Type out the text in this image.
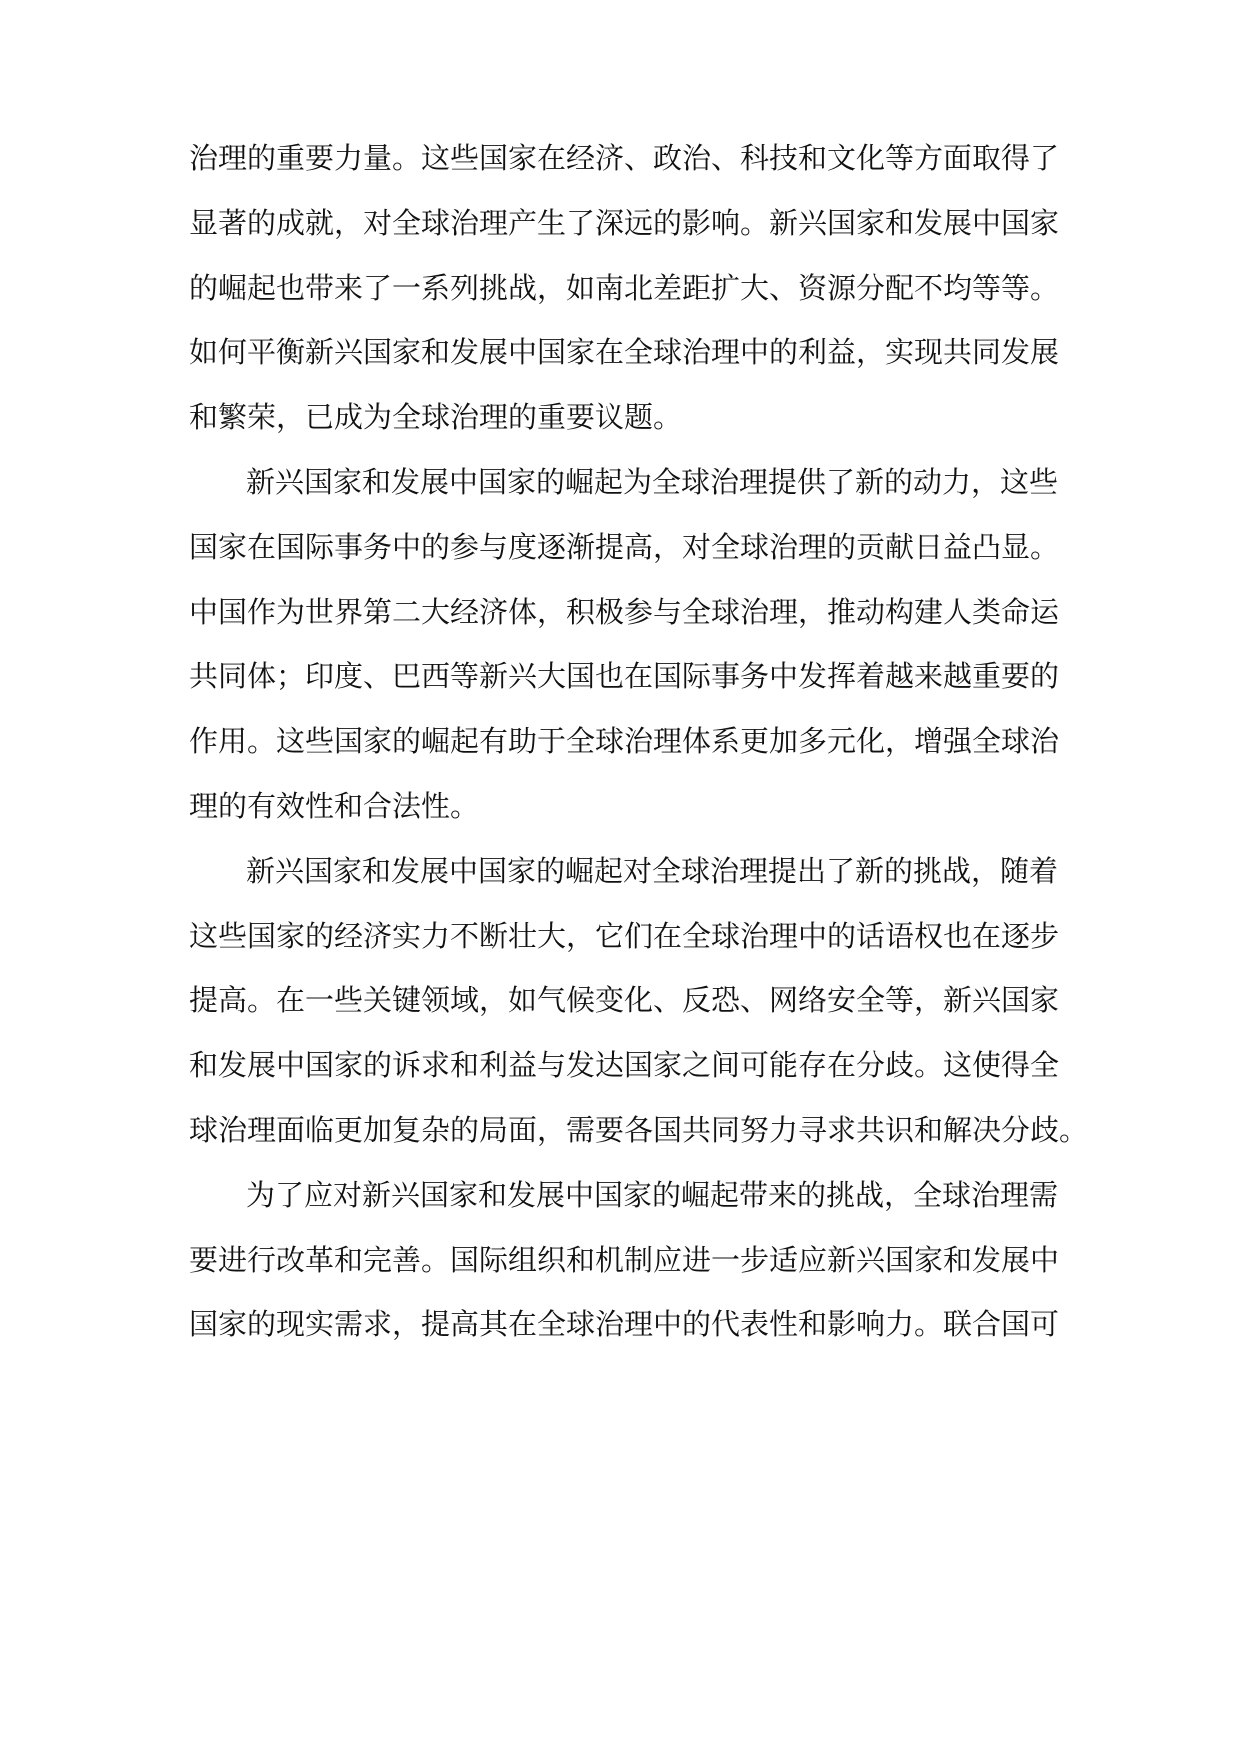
治理的重要力量。这些国家在经济、政治、科技和文化等方面取得了
显著的成就，对全球治理产生了深远的影响。新兴国家和发展中国家
的崛起也带来了一系列挑战，如南北差距扩大、资源分配不均等等。
如何平衡新兴国家和发展中国家在全球治理中的利益，实现共同发展
和繁荣，已成为全球治理的重要议题。
新兴国家和发展中国家的崛起为全球治理提供了新的动力，这些
国家在国际事务中的参与度逐渐提高，对全球治理的贡献日益凸显。
中国作为世界第二大经济体，积极参与全球治理，推动构建人类命运
共同体；印度、巴西等新兴大国也在国际事务中发挥着越来越重要的
作用。这些国家的崛起有助于全球治理体系更加多元化，增强全球治
理的有效性和合法性。
新兴国家和发展中国家的崛起对全球治理提出了新的挑战，随着
这些国家的经济实力不断壮大，它们在全球治理中的话语权也在逐步
提高。在一些关键领域，如气候变化、反恐、网络安全等，新兴国家
和发展中国家的诉求和利益与发达国家之间可能存在分歧。这使得全
球治理面临更加复杂的局面，需要各国共同努力寻求共识和解决分歧。
为了应对新兴国家和发展中国家的崛起带来的挑战，全球治理需
要进行改革和完善。国际组织和机制应进一步适应新兴国家和发展中
国家的现实需求，提高其在全球治理中的代表性和影响力。联合国可
